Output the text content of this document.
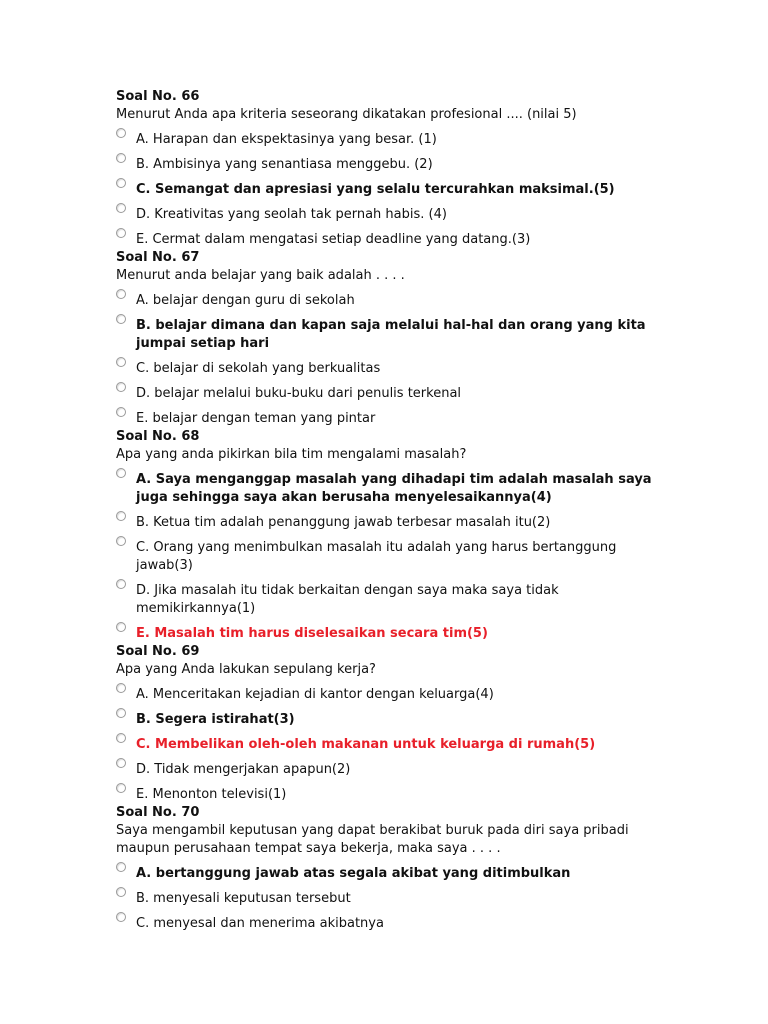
Soal No. 66

Menurut Anda apa kriteria seseorang dikatakan profesional .... (nilai 5)

A. Harapan dan ekspektasinya yang besar. (1)
B. Ambisinya yang senantiasa menggebu. (2)
C. Semangat dan apresiasi yang selalu tercurahkan maksimal.(5)
D. Kreativitas yang seolah tak pernah habis. (4)
E. Cermat dalam mengatasi setiap deadline yang datang.(3)

Soal No. 67

Menurut anda belajar yang baik adalah . . . .

A. belajar dengan guru di sekolah
B. belajar dimana dan kapan saja melalui hal-hal dan orang yang kita jumpai setiap hari
C. belajar di sekolah yang berkualitas
D. belajar melalui buku-buku dari penulis terkenal
E. belajar dengan teman yang pintar

Soal No. 68

Apa yang anda pikirkan bila tim mengalami masalah?

A. Saya menganggap masalah yang dihadapi tim adalah masalah saya juga sehingga saya akan berusaha menyelesaikannya(4)
B. Ketua tim adalah penanggung jawab terbesar masalah itu(2)
C. Orang yang menimbulkan masalah itu adalah yang harus bertanggung jawab(3)
D. Jika masalah itu tidak berkaitan dengan saya maka saya tidak memikirkannya(1)
E. Masalah tim harus diselesaikan secara tim(5)

Soal No. 69

Apa yang Anda lakukan sepulang kerja?

A. Menceritakan kejadian di kantor dengan keluarga(4)
B. Segera istirahat(3)
C. Membelikan oleh-oleh makanan untuk keluarga di rumah(5)
D. Tidak mengerjakan apapun(2)
E. Menonton televisi(1)

Soal No. 70

Saya mengambil keputusan yang dapat berakibat buruk pada diri saya pribadi maupun perusahaan tempat saya bekerja, maka saya . . . .

A. bertanggung jawab atas segala akibat yang ditimbulkan
B. menyesali keputusan tersebut
C. menyesal dan menerima akibatnya
